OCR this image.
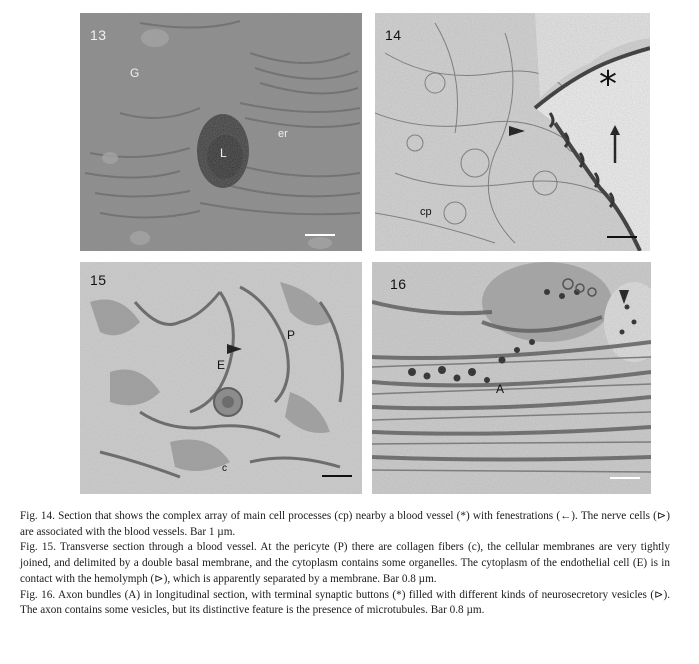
13
G
L
er
14
*
cp
15
P
E
c
16
A

Fig. 14. Section that shows the complex array of main cell processes (cp) nearby a blood vessel (*) with fenestrations (←). The nerve cells (⊳) are associated with the blood vessels. Bar 1 µm.

Fig. 15. Transverse section through a blood vessel. At the pericyte (P) there are collagen fibers (c), the cellular membranes are very tightly joined, and delimited by a double basal membrane, and the cytoplasm contains some organelles. The cytoplasm of the endothelial cell (E) is in contact with the hemolymph (⊳), which is apparently separated by a membrane. Bar 0.8 µm.

Fig. 16. Axon bundles (A) in longitudinal section, with terminal synaptic buttons (*) filled with different kinds of neurosecretory vesicles (⊳). The axon contains some vesicles, but its distinctive feature is the presence of microtubules. Bar 0.8 µm.
